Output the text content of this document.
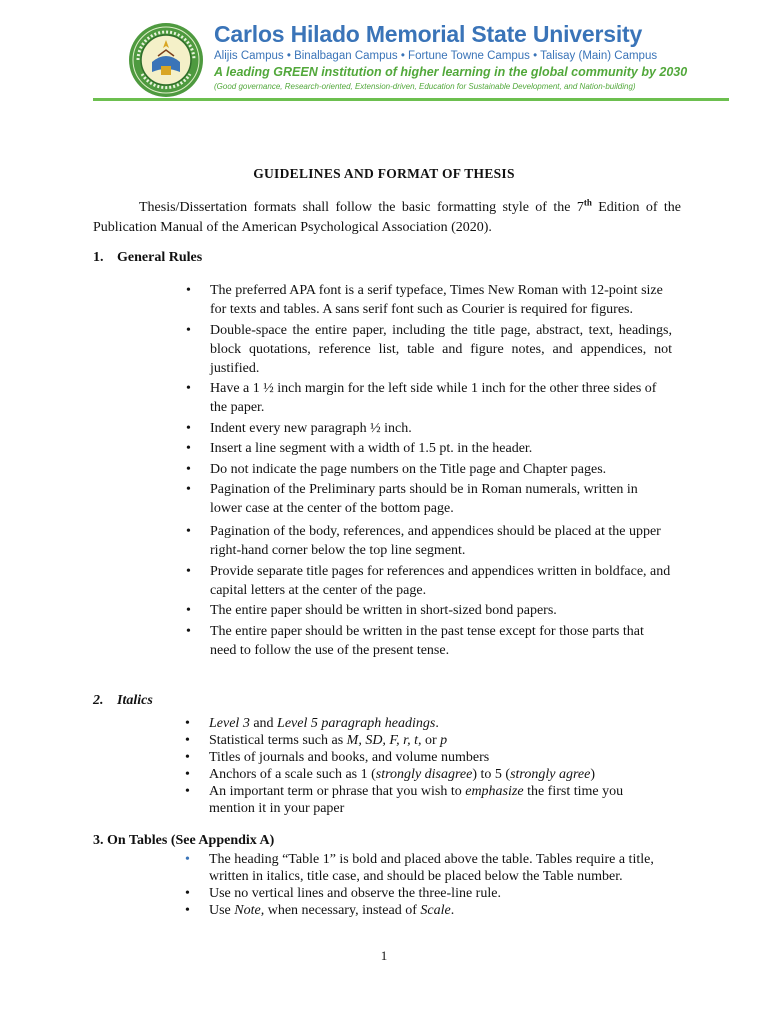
Carlos Hilado Memorial State University
Alijis Campus • Binalbagan Campus • Fortune Towne Campus • Talisay (Main) Campus
A leading GREEN institution of higher learning in the global community by 2030
(Good governance, Research-oriented, Extension-driven, Education for Sustainable Development, and Nation-building)
GUIDELINES AND FORMAT OF THESIS

Thesis/Dissertation formats shall follow the basic formatting style of the 7th Edition of the Publication Manual of the American Psychological Association (2020).

1. General Rules
• The preferred APA font is a serif typeface, Times New Roman with 12-point size for texts and tables. A sans serif font such as Courier is required for figures.
• Double-space the entire paper, including the title page, abstract, text, headings, block quotations, reference list, table and figure notes, and appendices, not justified.
• Have a 1 ½ inch margin for the left side while 1 inch for the other three sides of the paper.
• Indent every new paragraph ½ inch.
• Insert a line segment with a width of 1.5 pt. in the header.
• Do not indicate the page numbers on the Title page and Chapter pages.
• Pagination of the Preliminary parts should be in Roman numerals, written in lower case at the center of the bottom page.
• Pagination of the body, references, and appendices should be placed at the upper right-hand corner below the top line segment.
• Provide separate title pages for references and appendices written in boldface, and capital letters at the center of the page.
• The entire paper should be written in short-sized bond papers.
• The entire paper should be written in the past tense except for those parts that need to follow the use of the present tense.
2. Italics
• Level 3 and Level 5 paragraph headings.
• Statistical terms such as M, SD, F, r, t, or p
• Titles of journals and books, and volume numbers
• Anchors of a scale such as 1 (strongly disagree) to 5 (strongly agree)
• An important term or phrase that you wish to emphasize the first time you mention it in your paper
3. On Tables (See Appendix A)
• The heading “Table 1” is bold and placed above the table. Tables require a title, written in italics, title case, and should be placed below the Table number.
• Use no vertical lines and observe the three-line rule.
• Use Note, when necessary, instead of Scale.
1
